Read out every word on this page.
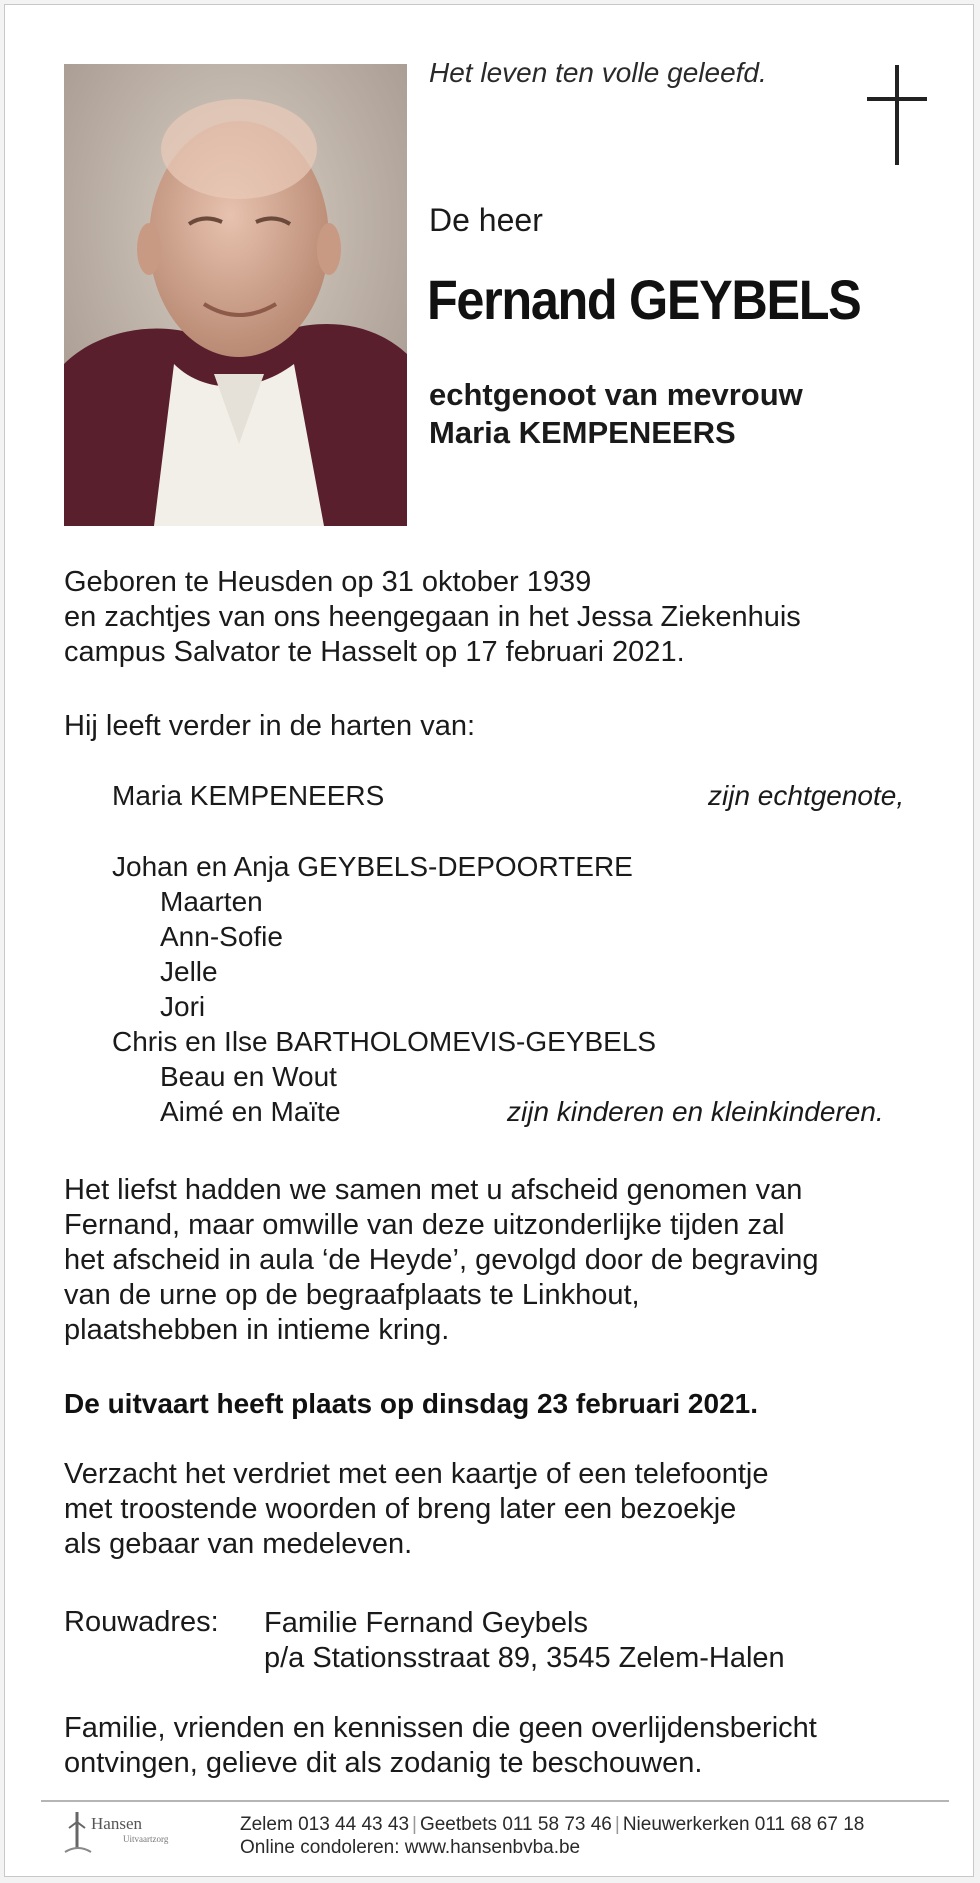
Het leven ten volle geleefd.

De heer

Fernand GEYBELS

echtgenoot van mevrouw
Maria KEMPENEERS
Geboren te Heusden op 31 oktober 1939
en zachtjes van ons heengegaan in het Jessa Ziekenhuis
campus Salvator te Hasselt op 17 februari 2021.

Hij leeft verder in de harten van:

Maria KEMPENEERS	zijn echtgenote,
Johan en Anja GEYBELS-DEPOORTERE
Maarten
Ann-Sofie
Jelle
Jori
Chris en Ilse BARTHOLOMEVIS-GEYBELS
Beau en Wout
Aimé en Maïte	zijn kinderen en kleinkinderen.
Het liefst hadden we samen met u afscheid genomen van
Fernand, maar omwille van deze uitzonderlijke tijden zal
het afscheid in aula ‘de Heyde’, gevolgd door de begraving
van de urne op de begraafplaats te Linkhout,
plaatshebben in intieme kring.

De uitvaart heeft plaats op dinsdag 23 februari 2021.

Verzacht het verdriet met een kaartje of een telefoontje
met troostende woorden of breng later een bezoekje
als gebaar van medeleven.
Rouwadres: Familie Fernand Geybels
p/a Stationsstraat 89, 3545 Zelem-Halen
Familie, vrienden en kennissen die geen overlijdensbericht
ontvingen, gelieve dit als zodanig te beschouwen.
Hansen
Uitvaartzorg
Zelem 013 44 43 43 | Geetbets 011 58 73 46 | Nieuwerkerken 011 68 67 18
Online condoleren: www.hansenbvba.be
